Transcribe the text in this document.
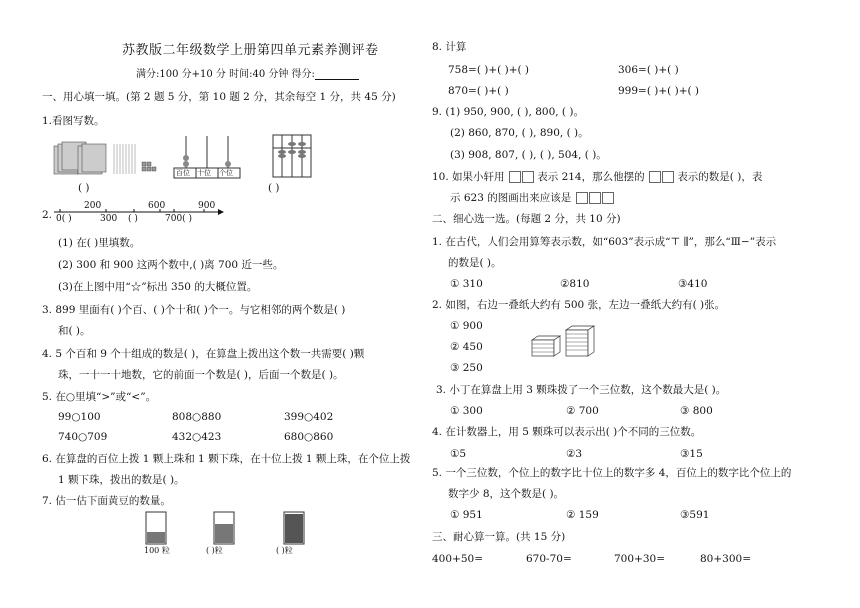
苏教版二年级数学上册第四单元素养测评卷
满分:100 分+10 分 时间:40 分钟 得分:
一、用心填一填。(第 2 题 5 分，第 10 题 2 分，其余每空 1 分，共 45 分)
1.看图写数。
( )
百位 十位 个位
( )
2.
200	600	900
0( )	300 ( )	700( )
(1) 在( )里填数。
(2) 300 和 900 这两个数中,( )离 700 近一些。
(3)在上图中用“☆”标出 350 的大概位置。
3. 899 里面有( )个百、( )个十和( )个一。与它相邻的两个数是( )
和( )。
4. 5 个百和 9 个十组成的数是( )，在算盘上拨出这个数一共需要( )颗
珠，一十一十地数，它的前面一个数是( )，后面一个数是( )。
5. 在○里填“>”或“<”。
99○100	808○880	399○402
740○709	432○423	680○860
6. 在算盘的百位上拨 1 颗上珠和 1 颗下珠，在十位上拨 1 颗上珠，在个位上拨
1 颗下珠，拨出的数是( )。
7. 估一估下面黄豆的数量。
100 粒	( )粒	( )粒
8. 计算
758=( )+( )+( )	306=( )+( )
870=( )+( )	999=( )+( )+( )
9. (1) 950, 900, ( ), 800, ( )。
(2) 860, 870, ( ), 890, ( )。
(3) 908, 807, ( ), ( ), 504, ( )。
10. 如果小轩用	表示 214，那么他摆的	表示的数是( )，表
示 623 的图画出来应该是
二、细心选一选。(每题 2 分，共 10 分)
1. 在古代，人们会用算筹表示数，如“603”表示成“⊤ ⫼”，那么“Ⅲ−”表示
的数是( )。
① 310	②810	③410
2. 如图，右边一叠纸大约有 500 张，左边一叠纸大约有( )张。
① 900
② 450
③ 250
3. 小丁在算盘上用 3 颗珠拨了一个三位数，这个数最大是( )。
① 300	② 700	③ 800
4. 在计数器上，用 5 颗珠可以表示出( )个不同的三位数。
①5	②3	③15
5. 一个三位数，个位上的数字比十位上的数字多 4，百位上的数字比个位上的
数字少 8，这个数是( )。
① 951	② 159	③591
三、耐心算一算。(共 15 分)
400+50=	670-70=	700+30=	80+300=
